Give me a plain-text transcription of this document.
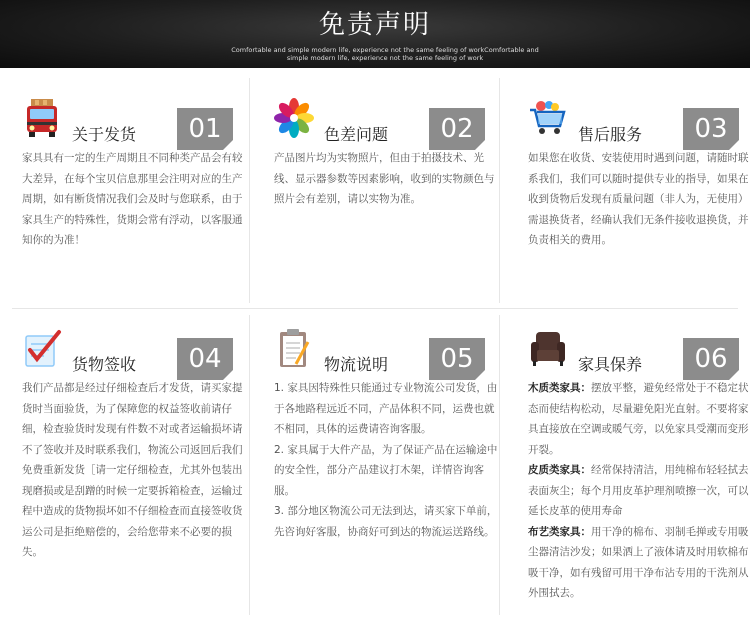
免责声明
Comfortable and simple modern life, experience not the same feeling of workComfortable and simple modern life, experience not the same feeling of work
关于发货	01
家具具有一定的生产周期且不同种类产品会有较大差异，在每个宝贝信息那里会注明对应的生产周期，如有断货情况我们会及时与您联系，由于家具生产的特殊性，货期会常有浮动，以客服通知你的为准！
色差问题	02
产品图片均为实物照片，但由于拍摄技术、光线、显示器参数等因素影响，收到的实物颜色与照片会有差别，请以实物为准。
售后服务	03
如果您在收货、安装使用时遇到问题，请随时联系我们，我们可以随时提供专业的指导，如果在收到货物后发现有质量问题（非人为，无使用）需退换货者，经确认我们无条件接收退换货，并负责相关的费用。
货物签收	04
我们产品都是经过仔细检查后才发货，请买家提货时当面验货，为了保障您的权益签收前请仔细，检查验货时发现有件数不对或者运输损坏请不了签收并及时联系我们，物流公司返回后我们免费重新发货［请一定仔细检查，尤其外包装出现磨损或是刮蹭的时候一定要拆箱检查，运输过程中造成的货物损坏如不仔细检查而直接签收货运公司是拒绝赔偿的，会给您带来不必要的损失。
物流说明	05

1. 家具因特殊性只能通过专业物流公司发货，由于各地路程远近不同，产品体积不同，运费也就不相同，具体的运费请咨询客服。

2. 家具属于大件产品，为了保证产品在运输途中的安全性，部分产品建议打木架，详情咨询客服。

3. 部分地区物流公司无法到达，请买家下单前，先咨询好客服，协商好可到达的物流运送路线。

家具保养	06

木质类家具：摆放平整，避免经常处于不稳定状态而使结构松动，尽量避免阳光直射。不要将家具直接放在空调或暖气旁，以免家具受潮而变形开裂。

皮质类家具：经常保持清洁，用纯棉布轻轻拭去表面灰尘；每个月用皮革护理剂喷擦一次，可以延长皮革的使用寿命

布艺类家具：用干净的棉布、羽制毛掸或专用吸尘器清洁沙发；如果洒上了液体请及时用软棉布吸干净，如有残留可用干净布沾专用的干洗剂从外围拭去。
